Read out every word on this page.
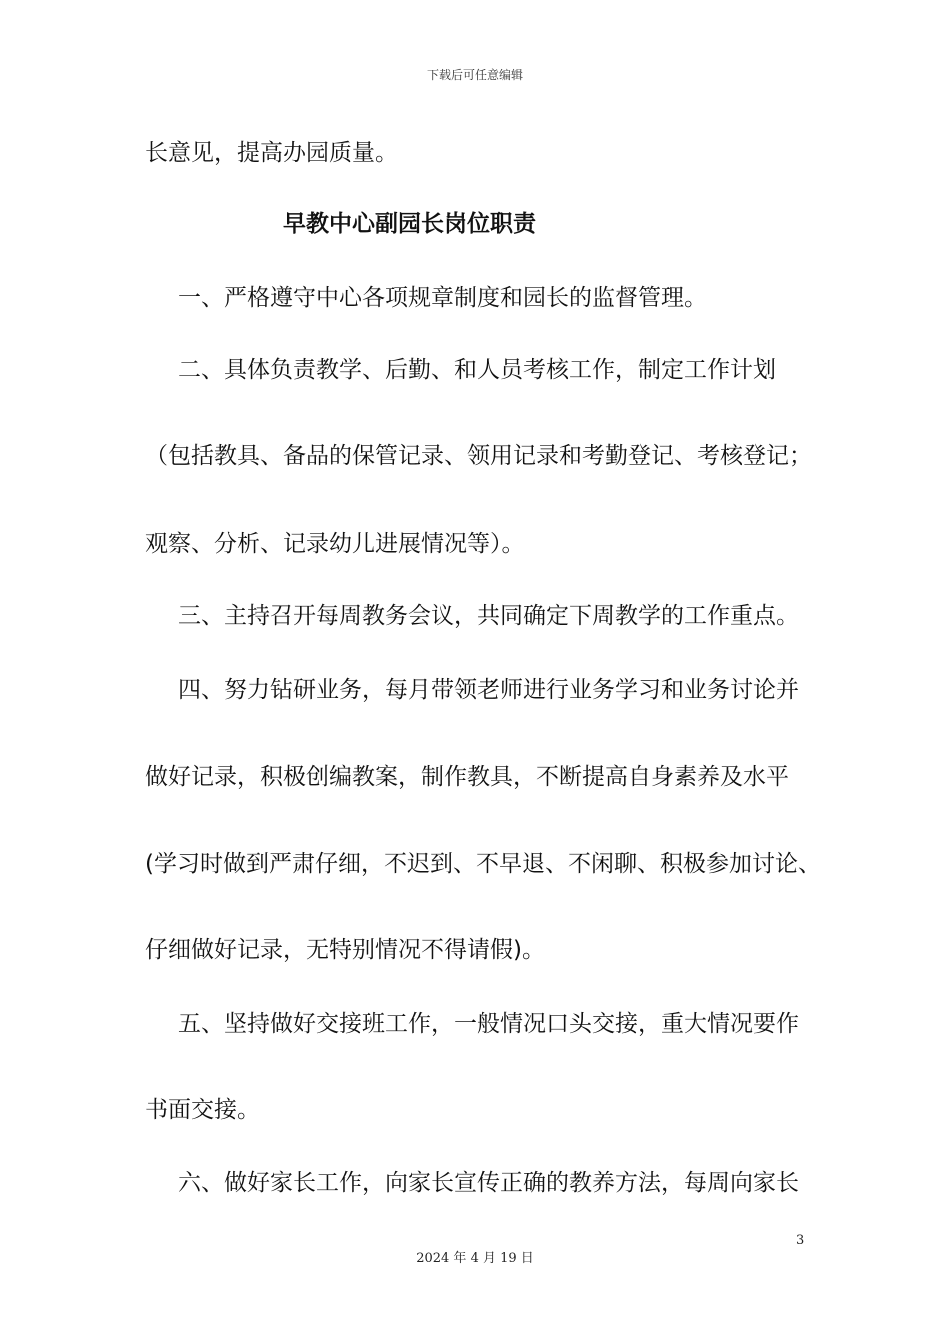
下载后可任意编辑
长意见，提高办园质量。
早教中心副园长岗位职责
一、严格遵守中心各项规章制度和园长的监督管理。
二、具体负责教学、后勤、和人员考核工作，制定工作计划
（包括教具、备品的保管记录、领用记录和考勤登记、考核登记；
观察、分析、记录幼儿进展情况等）。
三、主持召开每周教务会议，共同确定下周教学的工作重点。
四、努力钻研业务，每月带领老师进行业务学习和业务讨论并
做好记录，积极创编教案，制作教具，不断提高自身素养及水平
(学习时做到严肃仔细，不迟到、不早退、不闲聊、积极参加讨论、
仔细做好记录，无特别情况不得请假)。
五、坚持做好交接班工作，一般情况口头交接，重大情况要作
书面交接。
六、做好家长工作，向家长宣传正确的教养方法，每周向家长
3
2024 年 4 月 19 日
